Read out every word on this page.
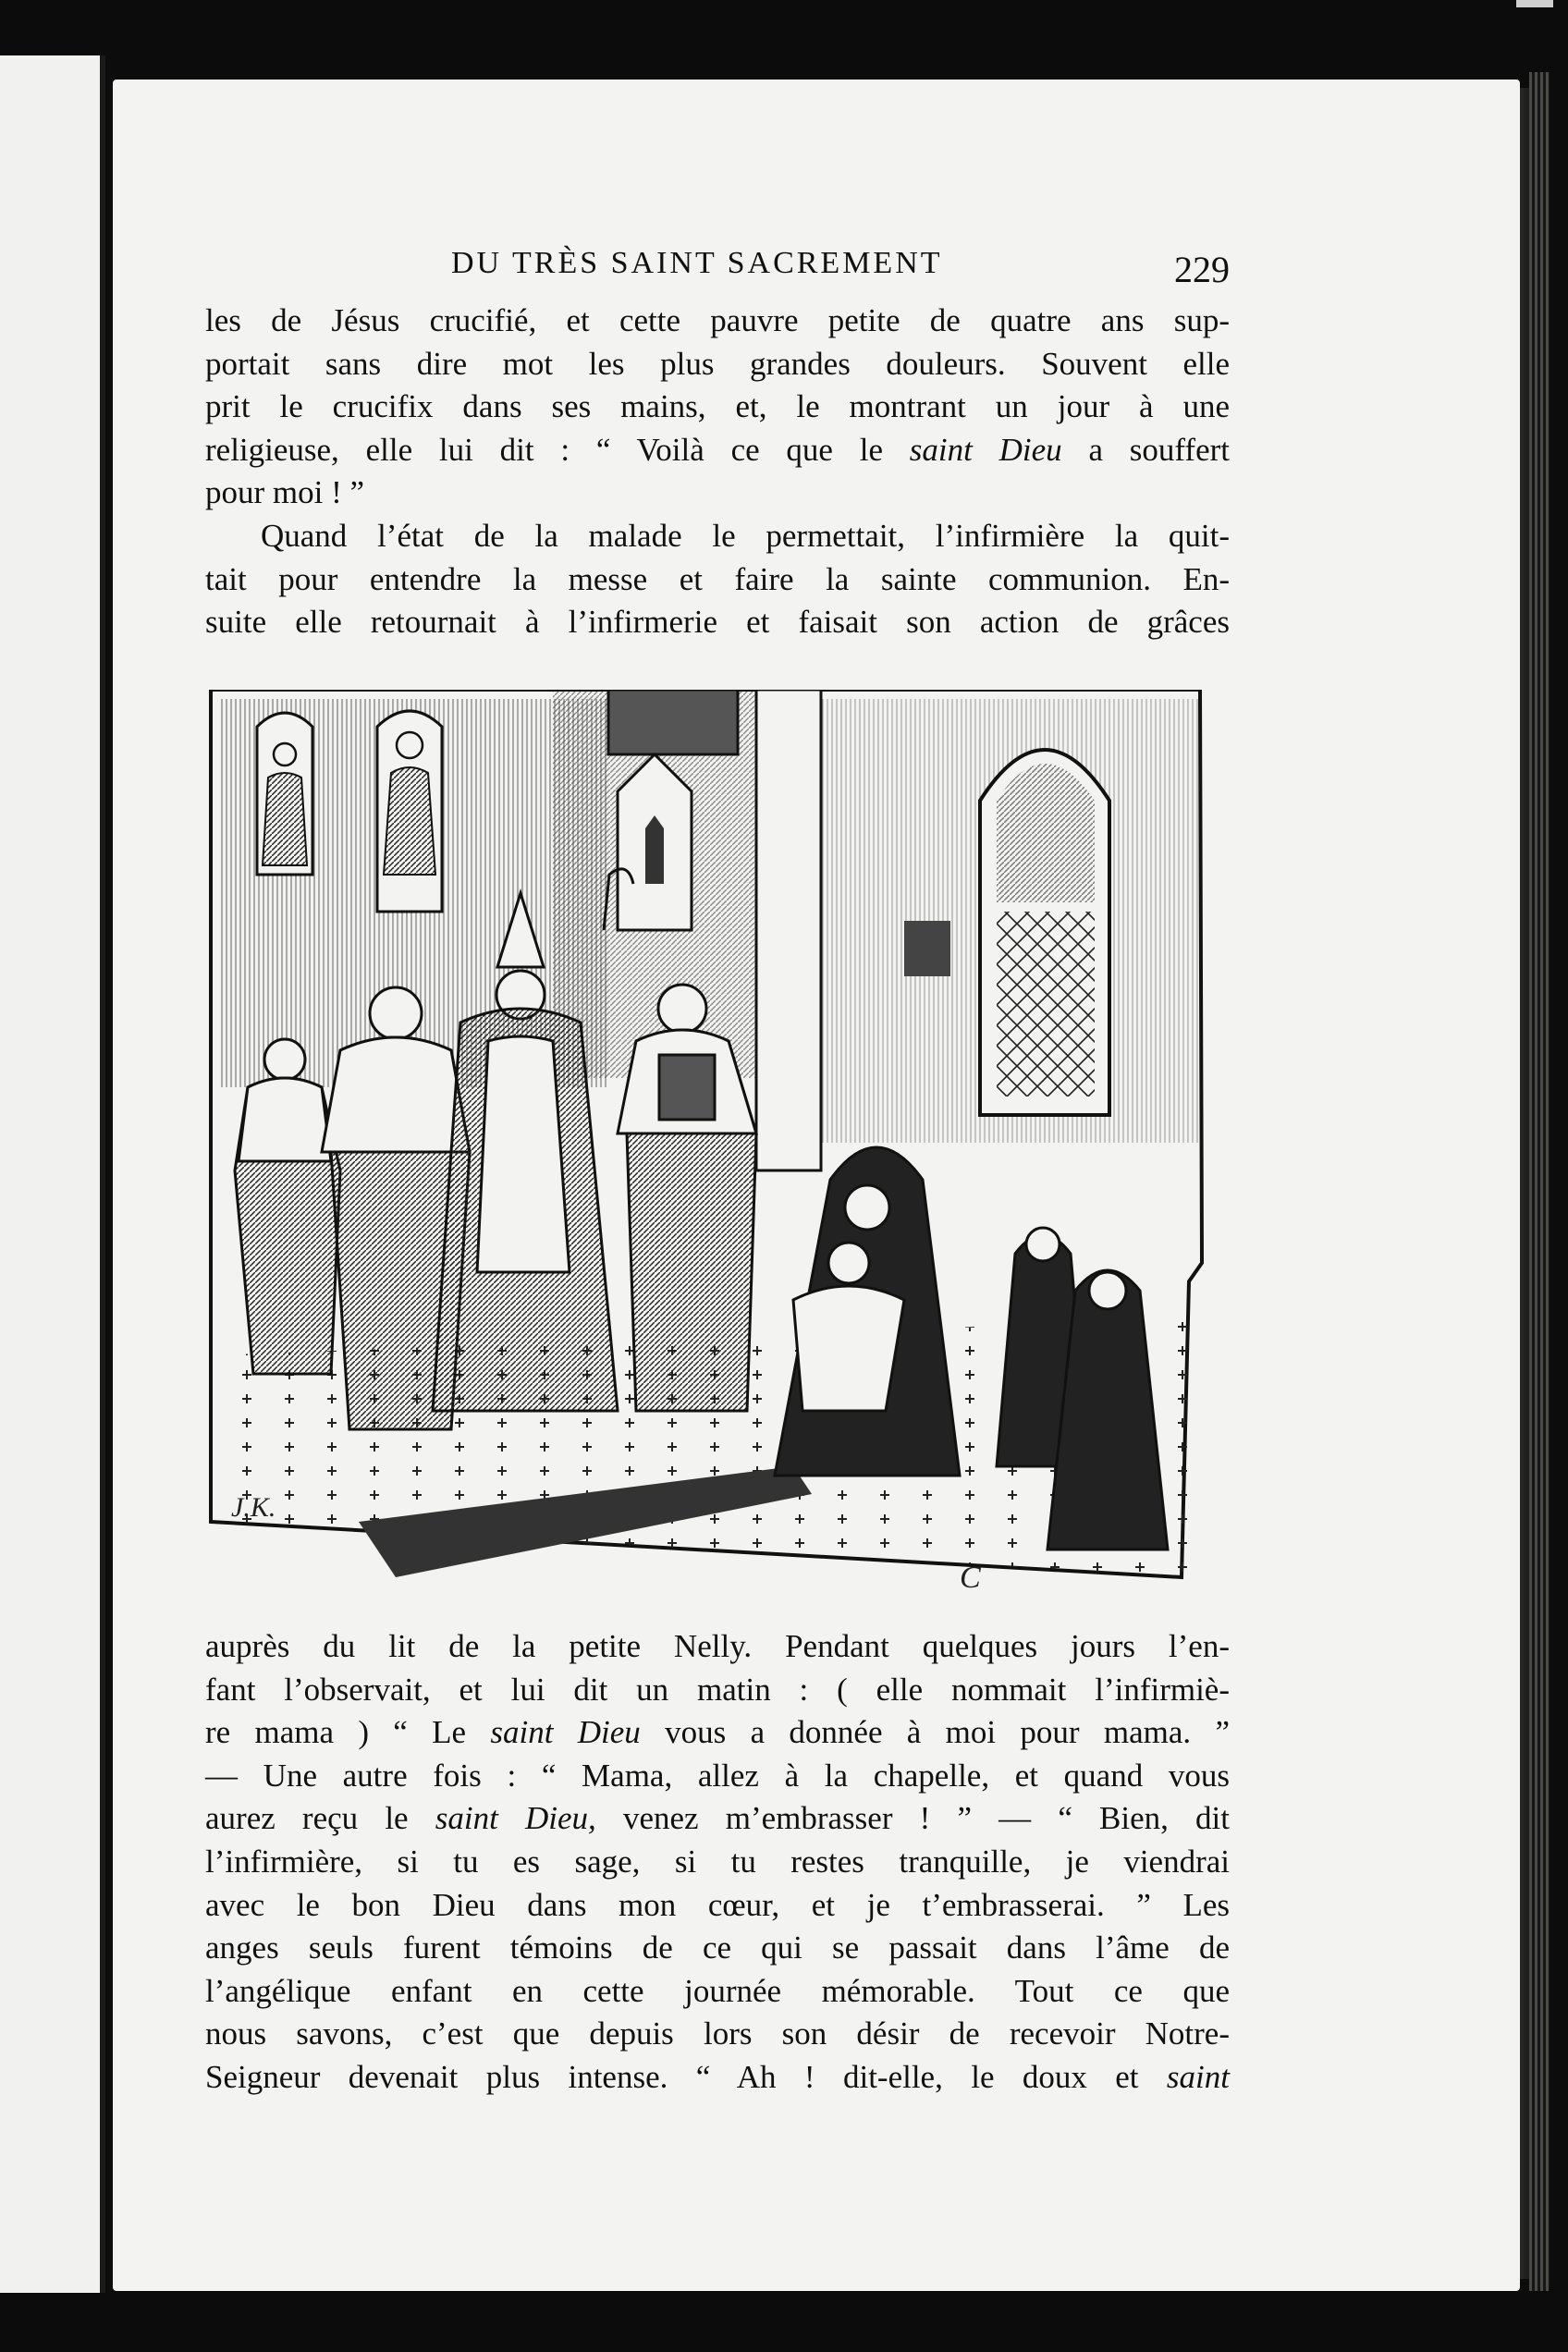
DU TRÈS SAINT SACREMENT	229
les de Jésus crucifié, et cette pauvre petite de quatre ans sup-
portait sans dire mot les plus grandes douleurs. Souvent elle
prit le crucifix dans ses mains, et, le montrant un jour à une
religieuse, elle lui dit : “ Voilà ce que le saint Dieu a souffert
pour moi ! ”
Quand l’état de la malade le permettait, l’infirmière la quit-
tait pour entendre la messe et faire la sainte communion. En-
suite elle retournait à l’infirmerie et faisait son action de grâces
J.K.
C
auprès du lit de la petite Nelly. Pendant quelques jours l’en-
fant l’observait, et lui dit un matin : ( elle nommait l’infirmiè-
re mama ) “ Le saint Dieu vous a donnée à moi pour mama. ”
— Une autre fois : “ Mama, allez à la chapelle, et quand vous
aurez reçu le saint Dieu, venez m’embrasser ! ” — “ Bien, dit
l’infirmière, si tu es sage, si tu restes tranquille, je viendrai
avec le bon Dieu dans mon cœur, et je t’embrasserai. ” Les
anges seuls furent témoins de ce qui se passait dans l’âme de
l’angélique enfant en cette journée mémorable. Tout ce que
nous savons, c’est que depuis lors son désir de recevoir Notre-
Seigneur devenait plus intense. “ Ah ! dit-elle, le doux et saint
